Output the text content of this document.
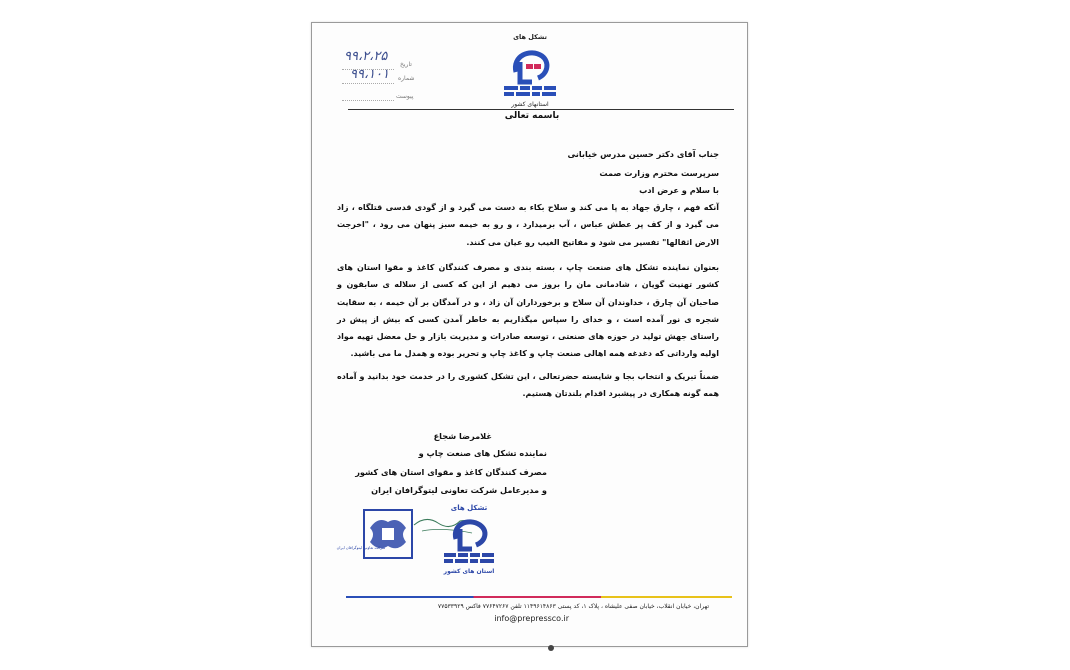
۹۹،۲،۲۵
۹۹،۱۰۱
تاریخ
شماره
پیوست
تشکل های
استانهای کشور
باسمه تعالی
جناب آقای دکتر حسین مدرس خیابانی
سرپرست محترم وزارت صمت
با سلام و عرض ادب
آنکه فهم ، چارق جهاد به پا می کند و سلاح بکاء به دست می گیرد و از گودی قدسی قتلگاه ، زاد می گیرد و از کف پر عطش عباس ، آب برمیدارد ، و رو به خیمه سبز پنهان می رود ، "اخرجت الارض اثقالها" تفسیر می شود و مفاتیح الغیب رو عیان می کنند.
بعنوان نماینده تشکل های صنعت چاپ ، بسته بندی و مصرف کنندگان کاغذ و مقوا استان های کشور تهنیت گویان ، شادمانی مان را بروز می دهیم از این که کسی از سلاله ی سابقون و صاحبان آن چارق ، خداوندان آن سلاح و برخورداران آن زاد ، و در آمدگان بر آن خیمه ، به سقایت شجره ی نور آمده است ، و خدای را سپاس میگذاریم به خاطر آمدن کسی که بیش از پیش در راستای جهش تولید در حوزه های صنعتی ، توسعه صادرات و مدیریت بازار و حل معضل تهیه مواد اولیه وارداتی که دغدغه همه اهالی صنعت چاپ و کاغذ چاپ و تحریر بوده و همدل ما می باشید.
ضمناً تبریک و انتخاب بجا و شایسته حضرتعالی ، این تشکل کشوری را در خدمت خود بدانید و آماده همه گونه همکاری در پیشبرد اقدام بلندتان هستیم.
غلامرضا شجاع
نماینده تشکل های صنعت چاپ و
مصرف کنندگان کاغذ و مقوای استان های کشور
و مدیرعامل شرکت تعاونی لیتوگرافان ایران
شرکت تعاونی لیتوگرافان ایران
تشکل های
استان های کشور
تهران، خیابان انقلاب، خیابان صفی علیشاه ، پلاک ۱، کد پستی ۱۱۴۹۶۱۴۸۶۳ تلفن ۷۷۶۴۷۲۶۷ فاکس ۷۷۵۳۳۹۲۹
info@prepressco.ir
